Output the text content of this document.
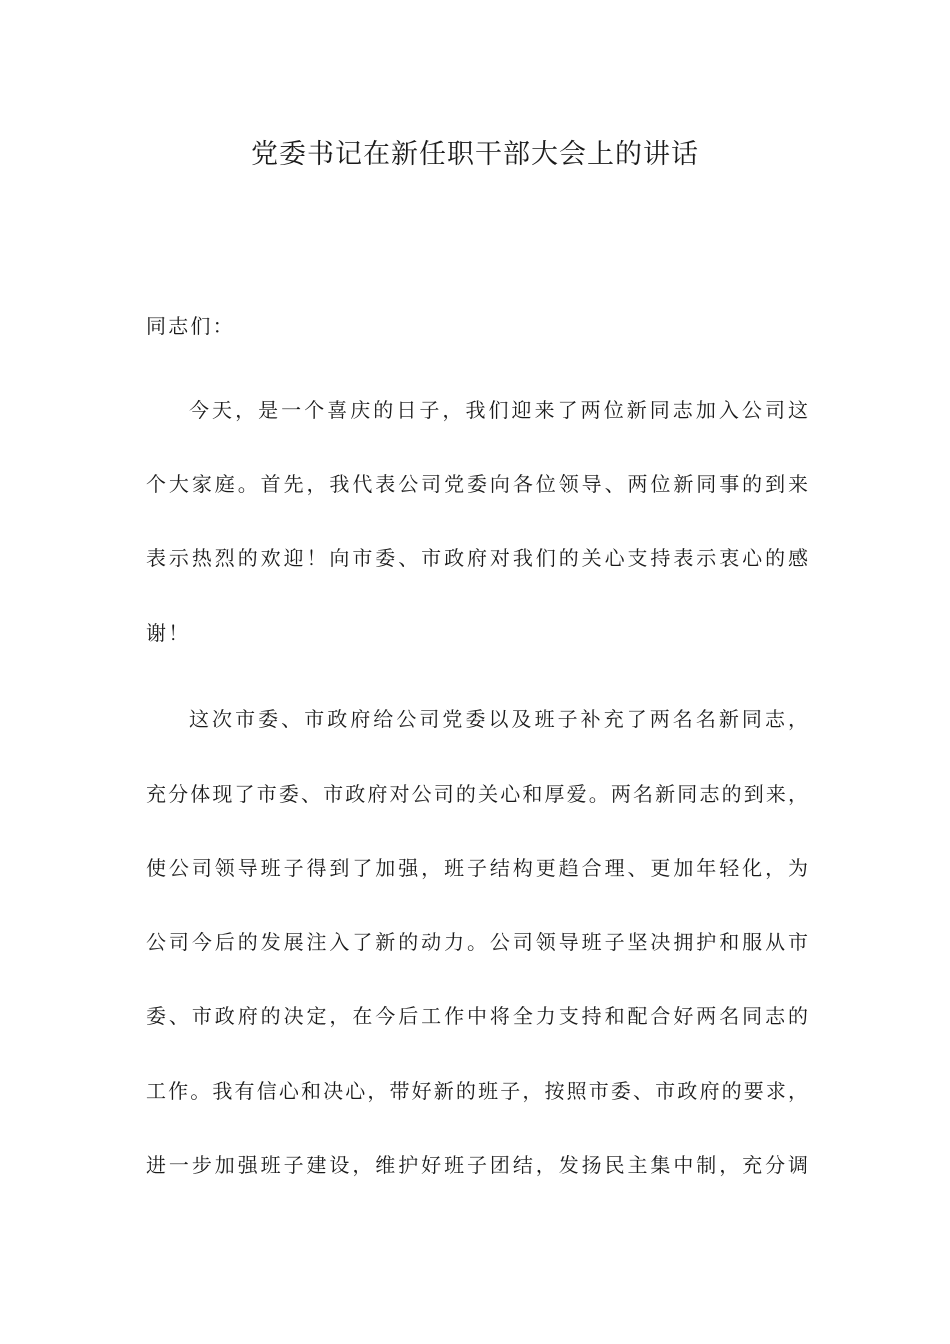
党委书记在新任职干部大会上的讲话
同志们：
今天，是一个喜庆的日子，我们迎来了两位新同志加入公司这
个大家庭。首先，我代表公司党委向各位领导、两位新同事的到来
表示热烈的欢迎！向市委、市政府对我们的关心支持表示衷心的感
谢！
这次市委、市政府给公司党委以及班子补充了两名名新同志，
充分体现了市委、市政府对公司的关心和厚爱。两名新同志的到来，
使公司领导班子得到了加强，班子结构更趋合理、更加年轻化，为
公司今后的发展注入了新的动力。公司领导班子坚决拥护和服从市
委、市政府的决定，在今后工作中将全力支持和配合好两名同志的
工作。我有信心和决心，带好新的班子，按照市委、市政府的要求，
进一步加强班子建设，维护好班子团结，发扬民主集中制，充分调
